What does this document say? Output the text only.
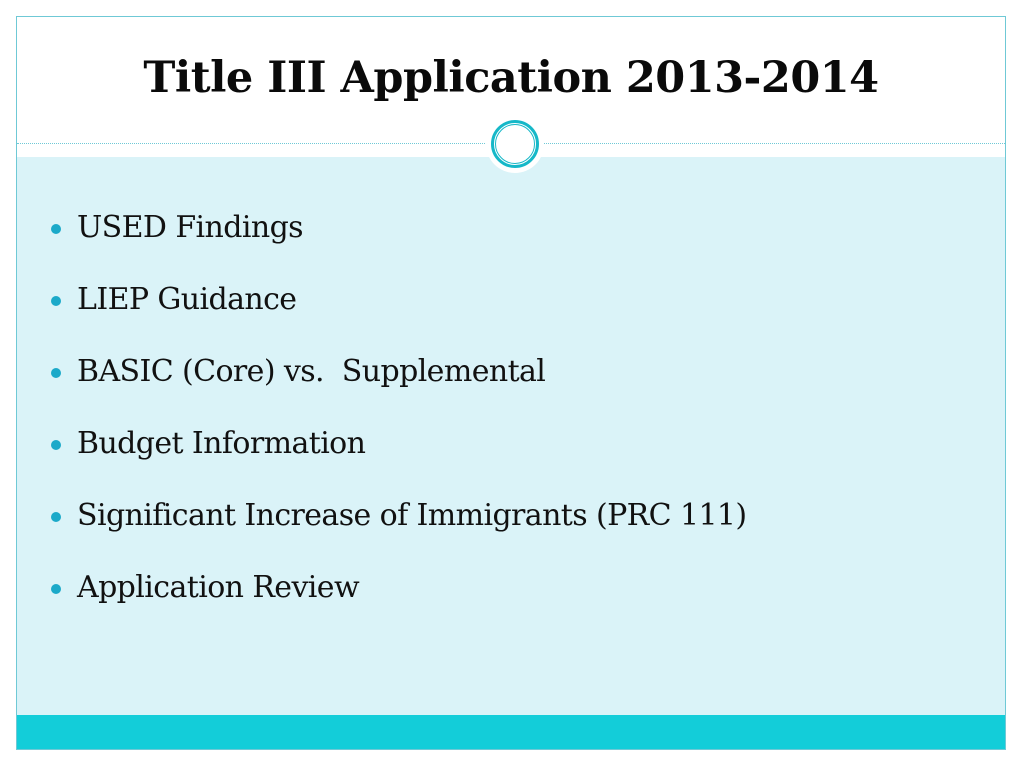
Title III Application 2013-2014
USED Findings
LIEP Guidance
BASIC (Core) vs.  Supplemental
Budget Information
Significant Increase of Immigrants (PRC 111)
Application Review
